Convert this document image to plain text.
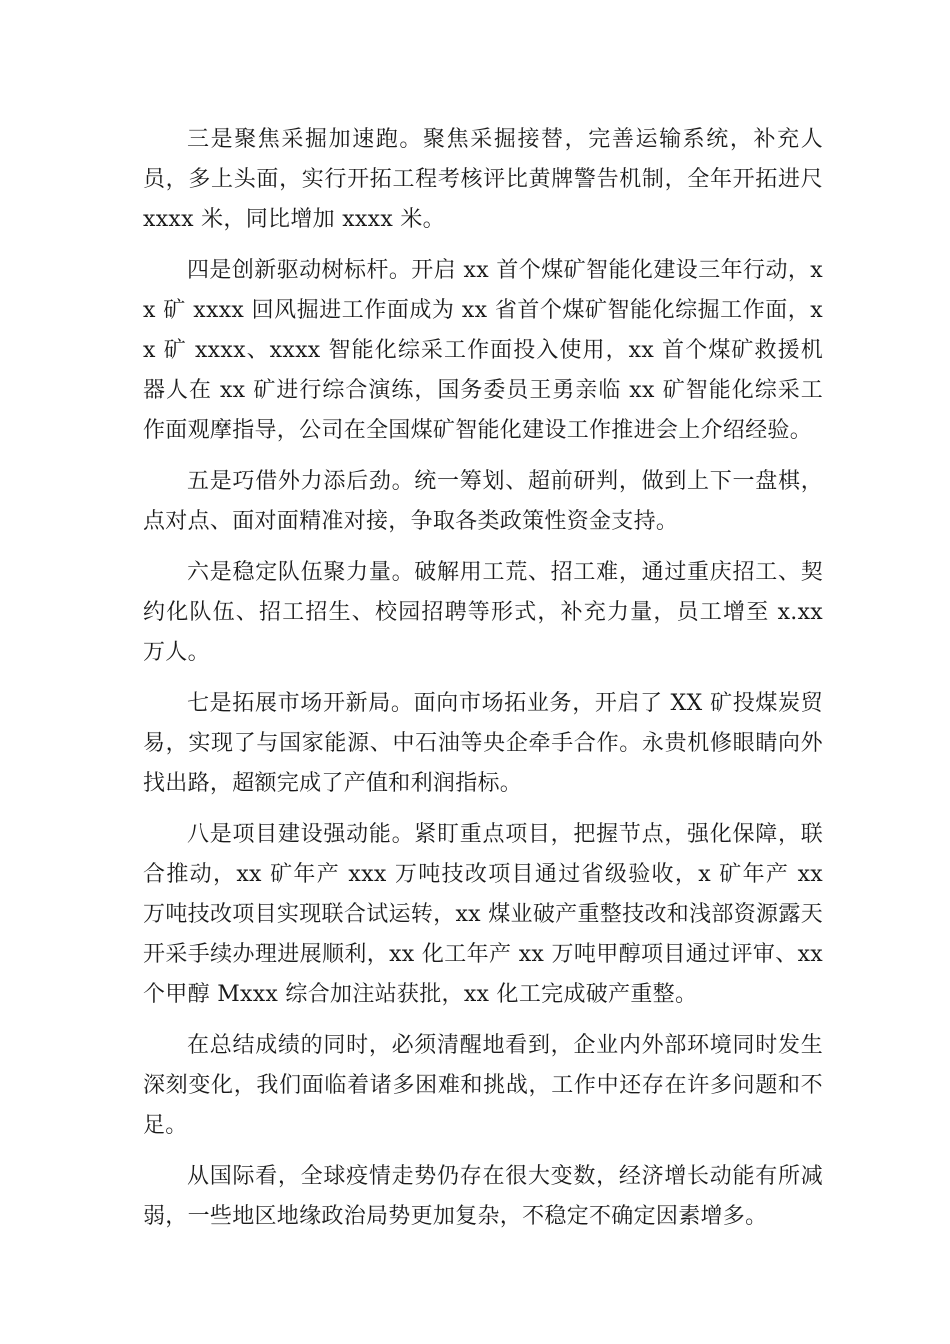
三是聚焦采掘加速跑。聚焦采掘接替，完善运输系统，补充人员，多上头面，实行开拓工程考核评比黄牌警告机制，全年开拓进尺 xxxx 米，同比增加 xxxx 米。

四是创新驱动树标杆。开启 xx 首个煤矿智能化建设三年行动，xx 矿 xxxx 回风掘进工作面成为 xx 省首个煤矿智能化综掘工作面，xx 矿 xxxx、xxxx 智能化综采工作面投入使用，xx 首个煤矿救援机器人在 xx 矿进行综合演练，国务委员王勇亲临 xx 矿智能化综采工作面观摩指导，公司在全国煤矿智能化建设工作推进会上介绍经验。

五是巧借外力添后劲。统一筹划、超前研判，做到上下一盘棋，点对点、面对面精准对接，争取各类政策性资金支持。

六是稳定队伍聚力量。破解用工荒、招工难，通过重庆招工、契约化队伍、招工招生、校园招聘等形式，补充力量，员工增至 x.xx 万人。

七是拓展市场开新局。面向市场拓业务，开启了 XX 矿投煤炭贸易，实现了与国家能源、中石油等央企牵手合作。永贵机修眼睛向外找出路，超额完成了产值和利润指标。

八是项目建设强动能。紧盯重点项目，把握节点，强化保障，联合推动，xx 矿年产 xxx 万吨技改项目通过省级验收，x 矿年产 xx 万吨技改项目实现联合试运转，xx 煤业破产重整技改和浅部资源露天开采手续办理进展顺利，xx 化工年产 xx 万吨甲醇项目通过评审、xx 个甲醇 Mxxx 综合加注站获批，xx 化工完成破产重整。

在总结成绩的同时，必须清醒地看到，企业内外部环境同时发生深刻变化，我们面临着诸多困难和挑战，工作中还存在许多问题和不足。

从国际看，全球疫情走势仍存在很大变数，经济增长动能有所减弱，一些地区地缘政治局势更加复杂，不稳定不确定因素增多。
